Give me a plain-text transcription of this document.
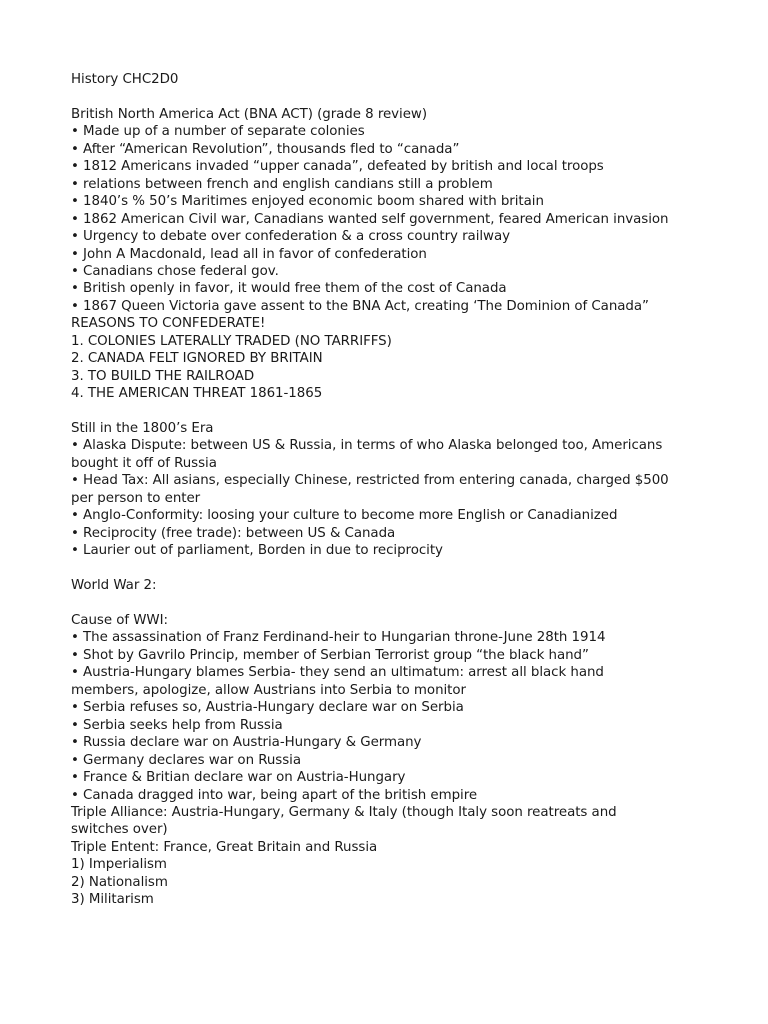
History CHC2D0
British North America Act (BNA ACT) (grade 8 review)
• Made up of a number of separate colonies
• After “American Revolution”, thousands fled to “canada”
• 1812 Americans invaded “upper canada”, defeated by british and local troops
• relations between french and english candians still a problem
• 1840’s % 50’s Maritimes enjoyed economic boom shared with britain
• 1862 American Civil war, Canadians wanted self government, feared American invasion
• Urgency to debate over confederation & a cross country railway
• John A Macdonald, lead all in favor of confederation
• Canadians chose federal gov.
• British openly in favor, it would free them of the cost of Canada
• 1867 Queen Victoria gave assent to the BNA Act, creating ‘The Dominion of Canada”
REASONS TO CONFEDERATE!
1. COLONIES LATERALLY TRADED (NO TARRIFFS)
2. CANADA FELT IGNORED BY BRITAIN
3. TO BUILD THE RAILROAD
4. THE AMERICAN THREAT 1861-1865
Still in the 1800’s Era
• Alaska Dispute: between US & Russia, in terms of who Alaska belonged too, Americans
bought it off of Russia
• Head Tax: All asians, especially Chinese, restricted from entering canada, charged $500
per person to enter
• Anglo-Conformity: loosing your culture to become more English or Canadianized
• Reciprocity (free trade): between US & Canada
• Laurier out of parliament, Borden in due to reciprocity
World War 2:
Cause of WWI:
• The assassination of Franz Ferdinand-heir to Hungarian throne-June 28th 1914
• Shot by Gavrilo Princip, member of Serbian Terrorist group “the black hand”
• Austria-Hungary blames Serbia- they send an ultimatum: arrest all black hand
members, apologize, allow Austrians into Serbia to monitor
• Serbia refuses so, Austria-Hungary declare war on Serbia
• Serbia seeks help from Russia
• Russia declare war on Austria-Hungary & Germany
• Germany declares war on Russia
• France & Britian declare war on Austria-Hungary
• Canada dragged into war, being apart of the british empire
Triple Alliance: Austria-Hungary, Germany & Italy (though Italy soon reatreats and
switches over)
Triple Entent: France, Great Britain and Russia
1) Imperialism
2) Nationalism
3) Militarism
